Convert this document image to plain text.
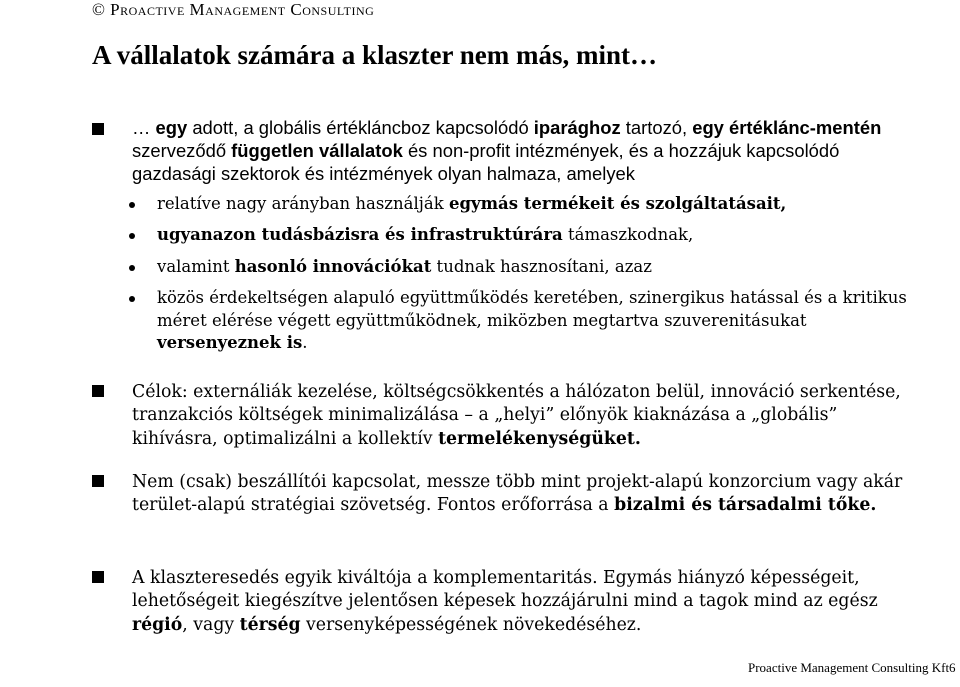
© Proactive Management Consulting
A vállalatok számára a klaszter nem más, mint…
… egy adott, a globális értékláncboz kapcsolódó iparághoz tartozó, egy értéklánc-mentén szerveződő független vállalatok és non-profit intézmények, és a hozzájuk kapcsolódó gazdasági szektorok és intézmények olyan halmaza, amelyek
relatíve nagy arányban használják egymás termékeit és szolgáltatásait,
ugyanazon tudásbázisra és infrastruktúrára támaszkodnak,
valamint hasonló innovációkat tudnak hasznosítani, azaz
közös érdekeltségen alapuló együttműködés keretében, szinergikus hatással és a kritikus méret elérése végett együttműködnek, miközben megtartva szuverenitásukat versenyeznek is.
Célok: externáliák kezelése, költségcsökkentés a hálózaton belül, innováció serkentése, tranzakciós költségek minimalizálása – a „helyi” előnyök kiaknázása a „globális” kihívásra, optimalizálni a kollektív termelékenységüket.
Nem (csak) beszállítói kapcsolat, messze több mint projekt-alapú konzorcium vagy akár terület-alapú stratégiai szövetség. Fontos erőforrása a bizalmi és társadalmi tőke.
A klaszteresedés egyik kiváltója a komplementaritás. Egymás hiányzó képességeit, lehetőségeit kiegészítve jelentősen képesek hozzájárulni mind a tagok mind az egész régió, vagy térség versenyképességének növekedéséhez.
Proactive Management Consulting Kft 6
